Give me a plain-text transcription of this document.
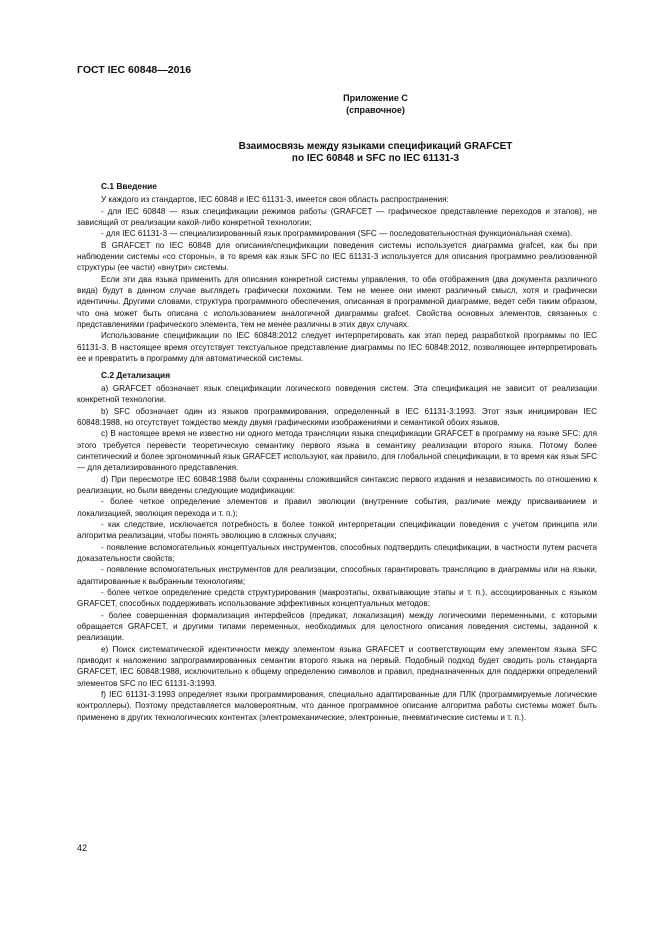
ГОСТ IEC 60848—2016
Приложение С
(справочное)
Взаимосвязь между языками спецификаций GRAFCET
по IEC 60848 и SFC по IEC 61131-3
С.1 Введение

У каждого из стандартов, IEC 60848 и IEC 61131-3, имеется своя область распространения:

- для IEC 60848 — язык спецификации режимов работы (GRAFCET — графическое представление переходов и этапов), не зависящий от реализации какой-либо конкретной технологии;

- для IEC 61131-3 — специализированный язык программирования (SFC — последовательностная функциональная схема).

В GRAFCET по IEC 60848 для описания/спецификации поведения системы используется диаграмма grafcet, как бы при наблюдении системы «со стороны», в то время как язык SFC по IEC 61131-3 используется для описания программно реализованной структуры (ее части) «внутри» системы.

Если эти два языка применить для описания конкретной системы управления, то оба отображения (два документа различного вида) будут в данном случае выглядеть графически похожими. Тем не менее они имеют различный смысл, хотя и графически идентичны. Другими словами, структура программного обеспечения, описанная в программной диаграмме, ведет себя таким образом, что она может быть описана с использованием аналогичной диаграммы grafcet. Свойства основных элементов, связанных с представлениями графического элемента, тем не менее различны в этих двух случаях.

Использование спецификации по IEC 60848:2012 следует интерпретировать как этап перед разработкой программы по IEC 61131-3. В настоящее время отсутствует текстуальное представление диаграммы по IEC 60848:2012, позволяющее интерпретировать ее и превратить в программу для автоматической системы.

С.2 Детализация

a) GRAFCET обозначает язык спецификации логического поведения систем. Эта спецификация не зависит от реализации конкретной технологии.

b) SFC обозначает один из языков программирования, определенный в IEC 61131-3:1993. Этот язык инициирован IEC 60848:1988, но отсутствует тождество между двумя графическими изображениями и семантикой обоих языков.

c) В настоящее время не известно ни одного метода трансляции языка спецификации GRAFCET в программу на языке SFC: для этого требуется перевести теоретическую семантику первого языка в семантику реализации второго языка. Потому более синтетический и более эргономичный язык GRAFCET используют, как правило, для глобальной спецификации, в то время как язык SFC — для детализированного представления.

d) При пересмотре IEC 60848:1988 были сохранены сложившийся синтаксис первого издания и независимость по отношению к реализации, но были введены следующие модификации:

- более четкое определение элементов и правил эволюции (внутренние события, различие между присваиванием и локализацией, эволюция перехода и т. п.);

- как следствие, исключается потребность в более тонкой интерпретации спецификации поведения с учетом принципа или алгоритма реализации, чтобы понять эволюцию в сложных случаях;

- появление вспомогательных концептуальных инструментов, способных подтвердить спецификации, в частности путем расчета доказательности свойств;

- появление вспомогательных инструментов для реализации, способных гарантировать трансляцию в диаграммы или на языки, адаптированные к выбранным технологиям;

- более четкое определение средств структурирования (макроэтапы, охватывающие этапы и т. п.), ассоциированных с языком GRAFCET, способных поддерживать использование эффективных концептуальных методов;

- более совершенная формализация интерфейсов (предикат, локализация) между логическими переменными, с которыми обращается GRAFCET, и другими типами переменных, необходимых для целостного описания поведения системы, заданной к реализации.

e) Поиск систематической идентичности между элементом языка GRAFCET и соответствующим ему элементом языка SFC приводит к наложению запрограммированных семантик второго языка на первый. Подобный подход будет сводить роль стандарта GRAFCET, IEC 60848:1988, исключительно к общему определению символов и правил, предназначенных для поддержки определений элементов SFC по IEC 61131-3:1993.

f) IEC 61131-3:1993 определяет языки программирования, специально адаптированные для ПЛК (программируемые логические контроллеры). Поэтому представляется маловероятным, что данное программное описание алгоритма работы системы может быть применено в других технологических контентах (электромеханические, электронные, пневматические системы и т. п.).

42
